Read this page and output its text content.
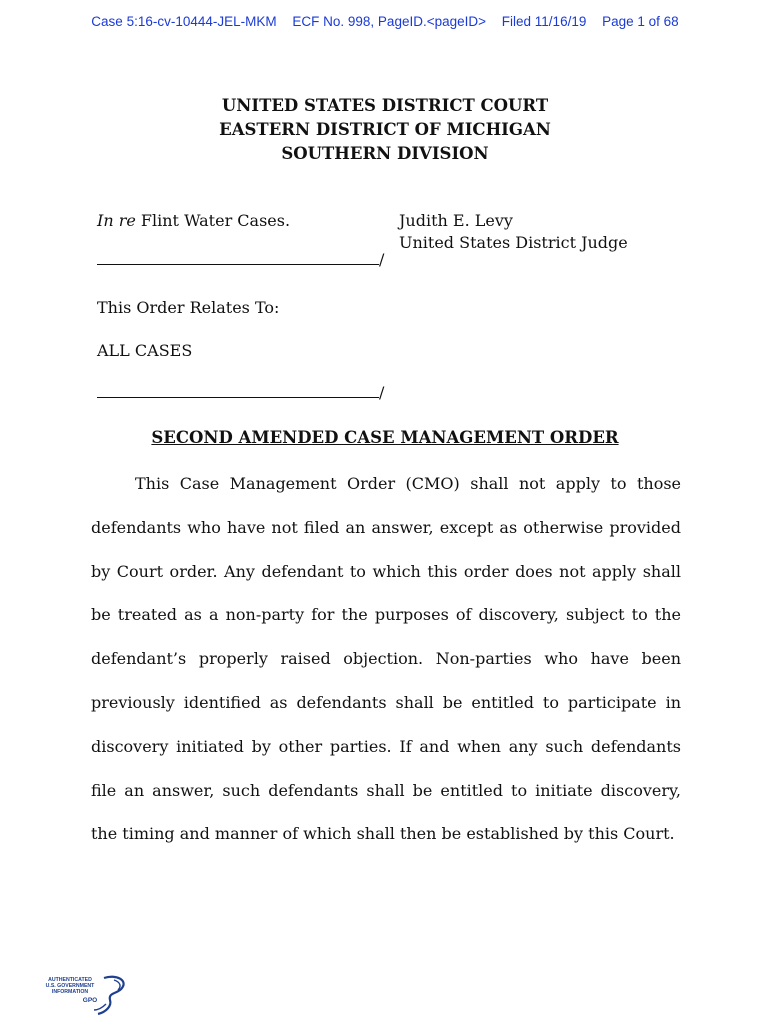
Case 5:16-cv-10444-JEL-MKM ECF No. 998, PageID.<pageID> Filed 11/16/19 Page 1 of 68
UNITED STATES DISTRICT COURT
EASTERN DISTRICT OF MICHIGAN
SOUTHERN DIVISION
In re Flint Water Cases.	Judith E. Levy
United States District Judge
/
This Order Relates To:
ALL CASES
/
SECOND AMENDED CASE MANAGEMENT ORDER
This Case Management Order (CMO) shall not apply to those defendants who have not filed an answer, except as otherwise provided by Court order. Any defendant to which this order does not apply shall be treated as a non-party for the purposes of discovery, subject to the defendant’s properly raised objection. Non-parties who have been previously identified as defendants shall be entitled to participate in discovery initiated by other parties. If and when any such defendants file an answer, such defendants shall be entitled to initiate discovery, the timing and manner of which shall then be established by this Court.
AUTHENTICATED
U.S. GOVERNMENT
INFORMATION
GPO
